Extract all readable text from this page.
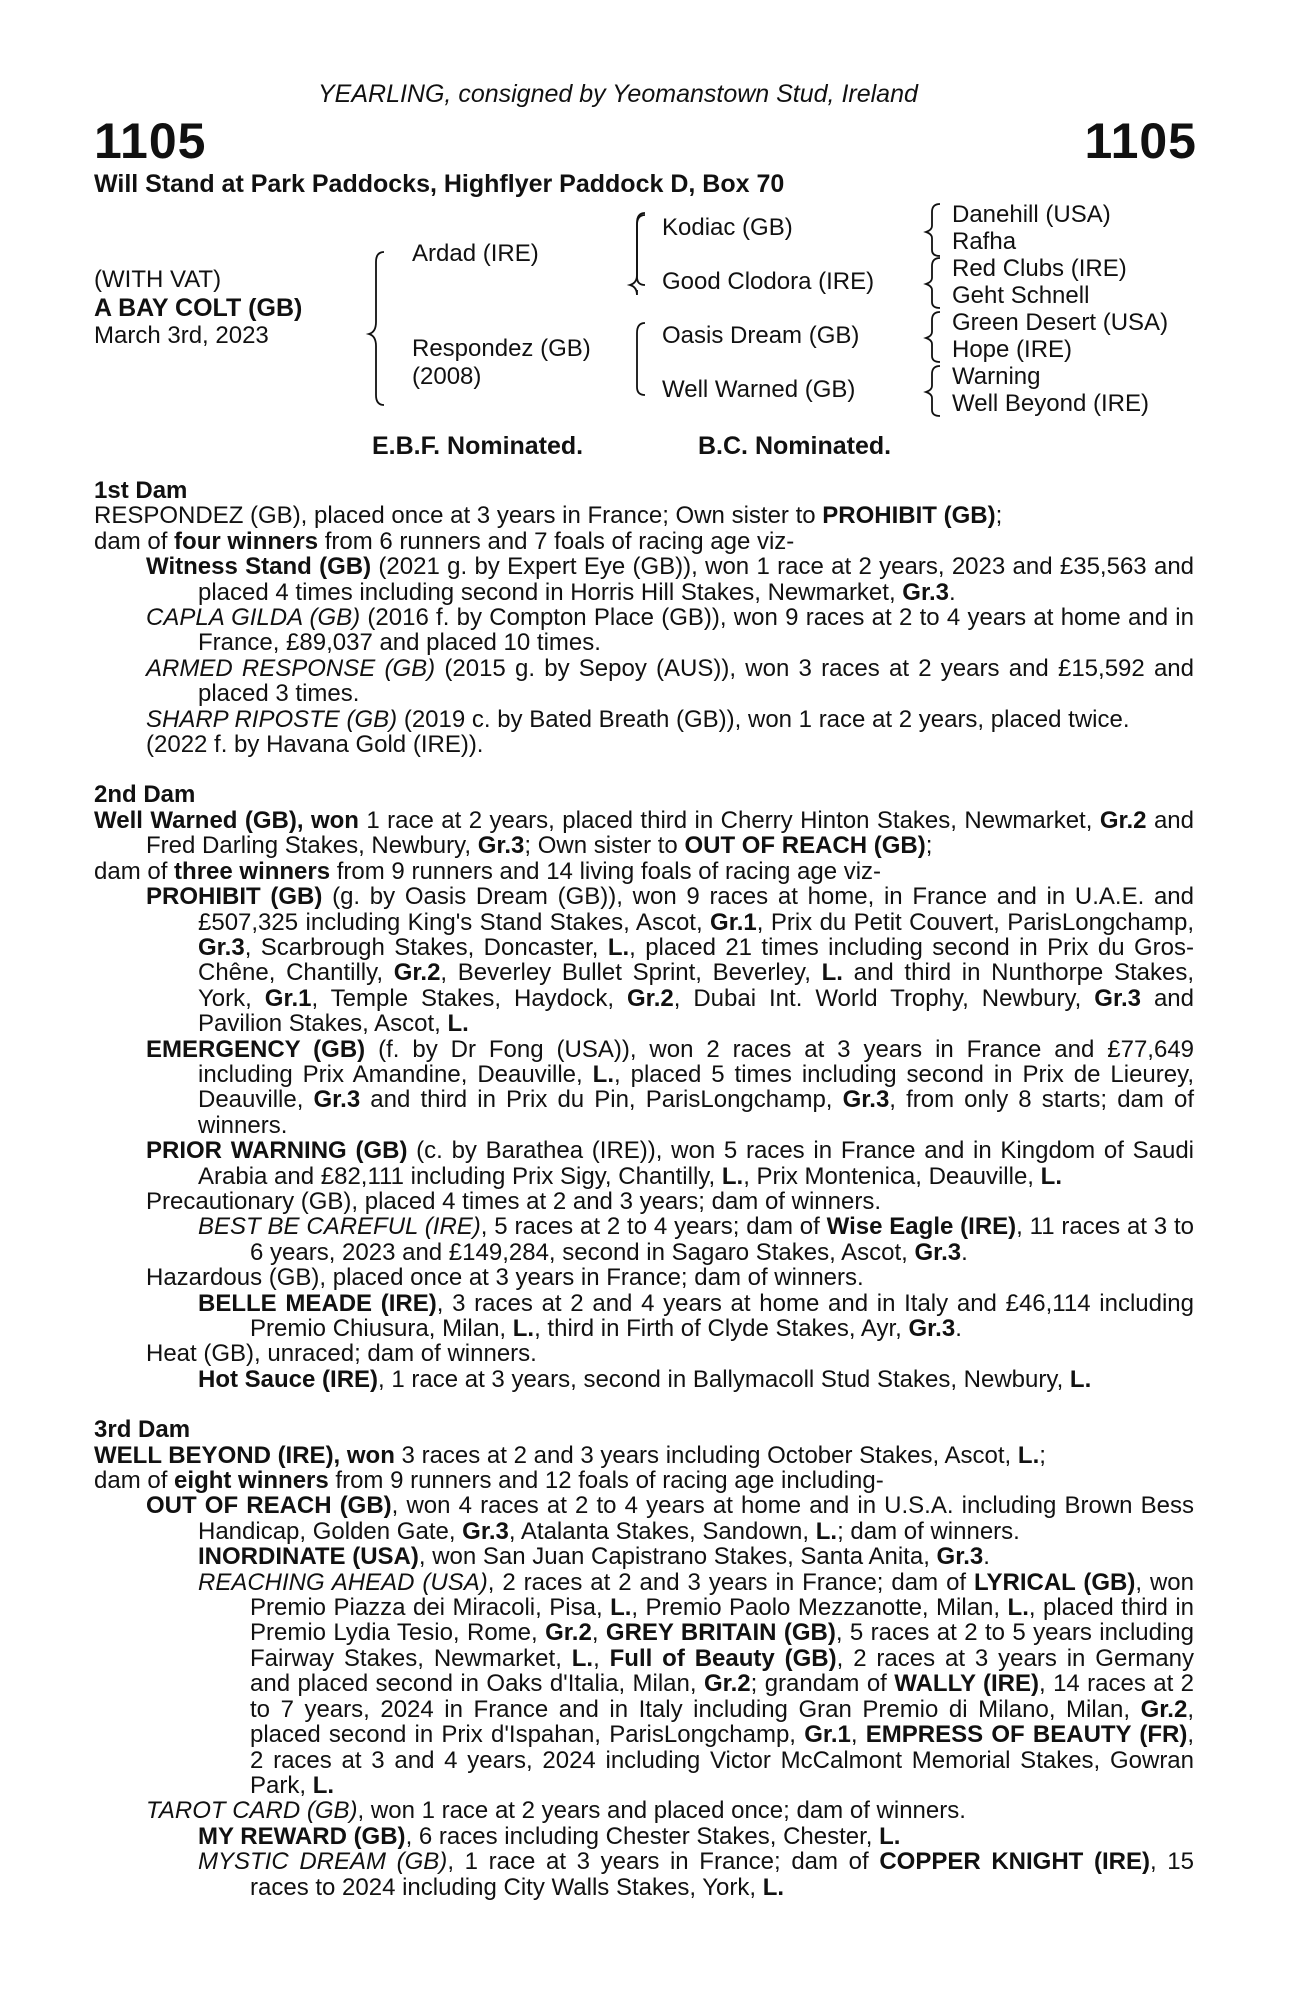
YEARLING, consigned by Yeomanstown Stud, Ireland
1105	1105
Will Stand at Park Paddocks, Highflyer Paddock D, Box 70
(WITH VAT)
A BAY COLT (GB)
March 3rd, 2023
Ardad (IRE)
Respondez (GB)
(2008)
Kodiac (GB)
Good Clodora (IRE)
Oasis Dream (GB)
Well Warned (GB)
Danehill (USA)
Rafha
Red Clubs (IRE)
Geht Schnell
Green Desert (USA)
Hope (IRE)
Warning
Well Beyond (IRE)
E.B.F. Nominated.	B.C. Nominated.
1st Dam

RESPONDEZ (GB), placed once at 3 years in France; Own sister to PROHIBIT (GB);
dam of four winners from 6 runners and 7 foals of racing age viz-

Witness Stand (GB) (2021 g. by Expert Eye (GB)), won 1 race at 2 years, 2023 and £35,563 and placed 4 times including second in Horris Hill Stakes, Newmarket, Gr.3.

CAPLA GILDA (GB) (2016 f. by Compton Place (GB)), won 9 races at 2 to 4 years at home and in France, £89,037 and placed 10 times.

ARMED RESPONSE (GB) (2015 g. by Sepoy (AUS)), won 3 races at 2 years and £15,592 and placed 3 times.

SHARP RIPOSTE (GB) (2019 c. by Bated Breath (GB)), won 1 race at 2 years, placed twice.

(2022 f. by Havana Gold (IRE)).

2nd Dam

Well Warned (GB), won 1 race at 2 years, placed third in Cherry Hinton Stakes, Newmarket, Gr.2 and Fred Darling Stakes, Newbury, Gr.3; Own sister to OUT OF REACH (GB);

dam of three winners from 9 runners and 14 living foals of racing age viz-

PROHIBIT (GB) (g. by Oasis Dream (GB)), won 9 races at home, in France and in U.A.E. and £507,325 including King's Stand Stakes, Ascot, Gr.1, Prix du Petit Couvert, ParisLongchamp, Gr.3, Scarbrough Stakes, Doncaster, L., placed 21 times including second in Prix du Gros-Chêne, Chantilly, Gr.2, Beverley Bullet Sprint, Beverley, L. and third in Nunthorpe Stakes, York, Gr.1, Temple Stakes, Haydock, Gr.2, Dubai Int. World Trophy, Newbury, Gr.3 and Pavilion Stakes, Ascot, L.

EMERGENCY (GB) (f. by Dr Fong (USA)), won 2 races at 3 years in France and £77,649 including Prix Amandine, Deauville, L., placed 5 times including second in Prix de Lieurey, Deauville, Gr.3 and third in Prix du Pin, ParisLongchamp, Gr.3, from only 8 starts; dam of winners.

PRIOR WARNING (GB) (c. by Barathea (IRE)), won 5 races in France and in Kingdom of Saudi Arabia and £82,111 including Prix Sigy, Chantilly, L., Prix Montenica, Deauville, L.

Precautionary (GB), placed 4 times at 2 and 3 years; dam of winners.

BEST BE CAREFUL (IRE), 5 races at 2 to 4 years; dam of Wise Eagle (IRE), 11 races at 3 to 6 years, 2023 and £149,284, second in Sagaro Stakes, Ascot, Gr.3.

Hazardous (GB), placed once at 3 years in France; dam of winners.

BELLE MEADE (IRE), 3 races at 2 and 4 years at home and in Italy and £46,114 including Premio Chiusura, Milan, L., third in Firth of Clyde Stakes, Ayr, Gr.3.

Heat (GB), unraced; dam of winners.

Hot Sauce (IRE), 1 race at 3 years, second in Ballymacoll Stud Stakes, Newbury, L.

3rd Dam

WELL BEYOND (IRE), won 3 races at 2 and 3 years including October Stakes, Ascot, L.;
dam of eight winners from 9 runners and 12 foals of racing age including-

OUT OF REACH (GB), won 4 races at 2 to 4 years at home and in U.S.A. including Brown Bess Handicap, Golden Gate, Gr.3, Atalanta Stakes, Sandown, L.; dam of winners.

INORDINATE (USA), won San Juan Capistrano Stakes, Santa Anita, Gr.3.

REACHING AHEAD (USA), 2 races at 2 and 3 years in France; dam of LYRICAL (GB), won Premio Piazza dei Miracoli, Pisa, L., Premio Paolo Mezzanotte, Milan, L., placed third in Premio Lydia Tesio, Rome, Gr.2, GREY BRITAIN (GB), 5 races at 2 to 5 years including Fairway Stakes, Newmarket, L., Full of Beauty (GB), 2 races at 3 years in Germany and placed second in Oaks d'Italia, Milan, Gr.2; grandam of WALLY (IRE), 14 races at 2 to 7 years, 2024 in France and in Italy including Gran Premio di Milano, Milan, Gr.2, placed second in Prix d'Ispahan, ParisLongchamp, Gr.1, EMPRESS OF BEAUTY (FR), 2 races at 3 and 4 years, 2024 including Victor McCalmont Memorial Stakes, Gowran Park, L.

TAROT CARD (GB), won 1 race at 2 years and placed once; dam of winners.

MY REWARD (GB), 6 races including Chester Stakes, Chester, L.

MYSTIC DREAM (GB), 1 race at 3 years in France; dam of COPPER KNIGHT (IRE), 15 races to 2024 including City Walls Stakes, York, L.
